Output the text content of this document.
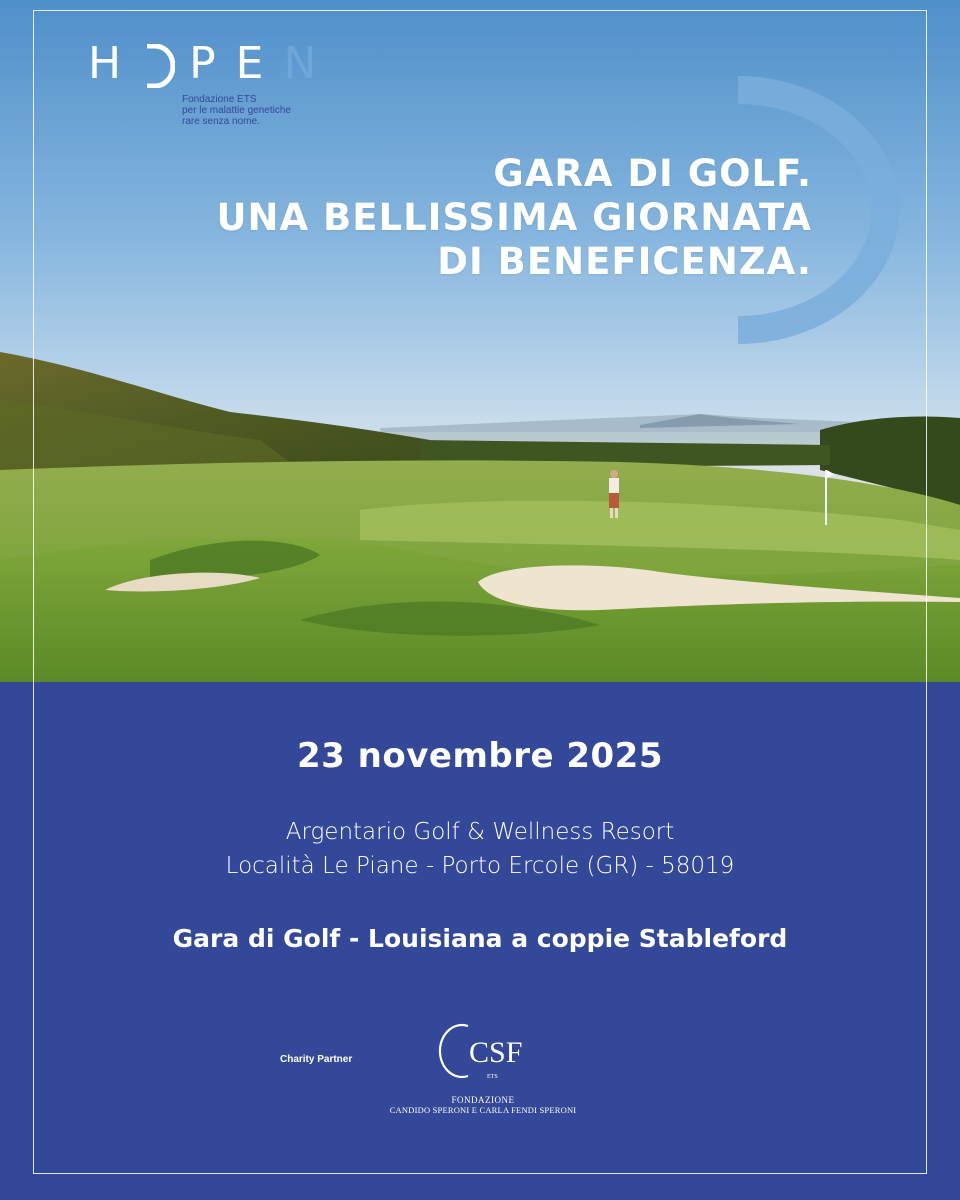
H P E N
Fondazione ETS
per le malattie genetiche
rare senza nome.
GARA DI GOLF.
UNA BELLISSIMA GIORNATA
DI BENEFICENZA.
23 novembre 2025
Argentario Golf & Wellness Resort
Località Le Piane - Porto Ercole (GR) - 58019
Gara di Golf - Louisiana a coppie Stableford
Charity Partner	CSF
ETS
FONDAZIONE
CANDIDO SPERONI E CARLA FENDI SPERONI
